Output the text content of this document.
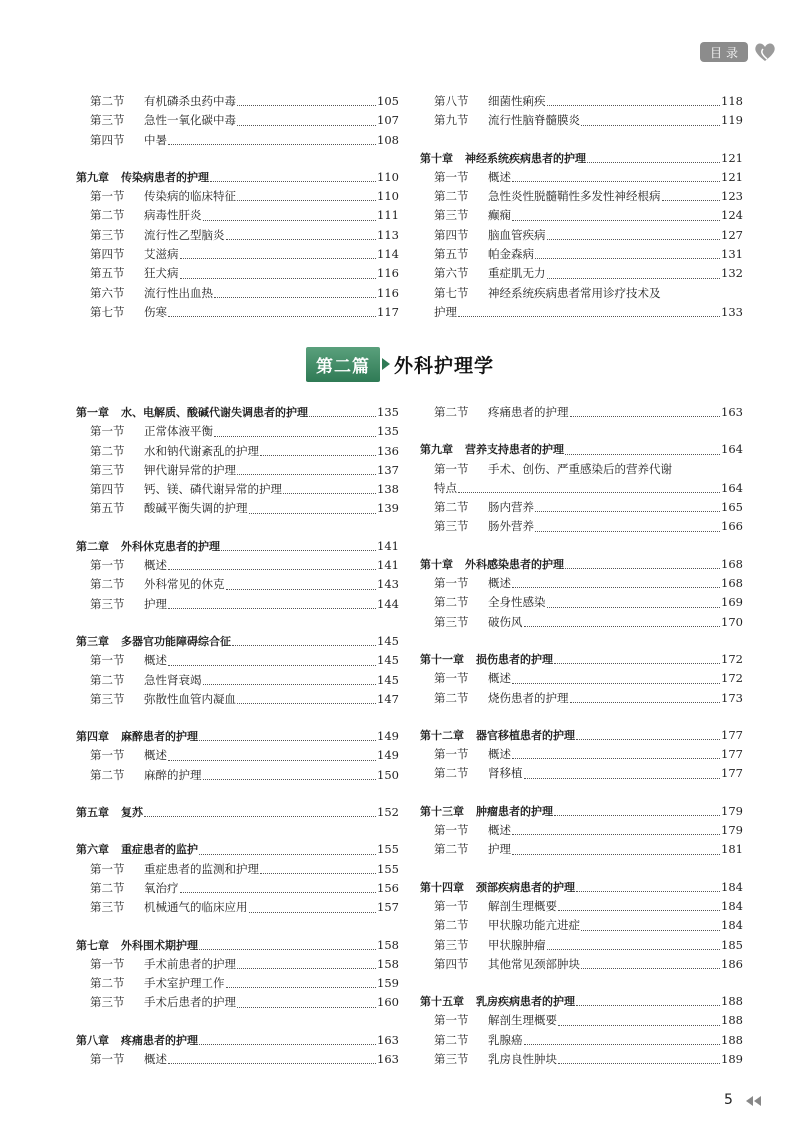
目录
第二节	有机磷杀虫药中毒	105
第三节	急性一氧化碳中毒	107
第四节	中暑	108
第九章 传染病患者的护理	110
第一节	传染病的临床特征	110
第二节	病毒性肝炎	111
第三节	流行性乙型脑炎	113
第四节	艾滋病	114
第五节	狂犬病	116
第六节	流行性出血热	116
第七节	伤寒	117
第八节	细菌性痢疾	118
第九节	流行性脑脊髓膜炎	119
第十章 神经系统疾病患者的护理	121
第一节	概述	121
第二节	急性炎性脱髓鞘性多发性神经根病	123
第三节	癫痫	124
第四节	脑血管疾病	127
第五节	帕金森病	131
第六节	重症肌无力	132
第七节	神经系统疾病患者常用诊疗技术及
护理	133
第二篇	外科护理学
第一章 水、电解质、酸碱代谢失调患者的护理	135
第一节	正常体液平衡	135
第二节	水和钠代谢紊乱的护理	136
第三节	钾代谢异常的护理	137
第四节	钙、镁、磷代谢异常的护理	138
第五节	酸碱平衡失调的护理	139
第二章 外科休克患者的护理	141
第一节	概述	141
第二节	外科常见的休克	143
第三节	护理	144
第三章 多器官功能障碍综合征	145
第一节	概述	145
第二节	急性肾衰竭	145
第三节	弥散性血管内凝血	147
第四章 麻醉患者的护理	149
第一节	概述	149
第二节	麻醉的护理	150
第五章 复苏	152
第六章 重症患者的监护	155
第一节	重症患者的监测和护理	155
第二节	氧治疗	156
第三节	机械通气的临床应用	157
第七章 外科围术期护理	158
第一节	手术前患者的护理	158
第二节	手术室护理工作	159
第三节	手术后患者的护理	160
第八章 疼痛患者的护理	163
第一节	概述	163
第二节	疼痛患者的护理	163
第九章 营养支持患者的护理	164
第一节	手术、创伤、严重感染后的营养代谢
特点	164
第二节	肠内营养	165
第三节	肠外营养	166
第十章 外科感染患者的护理	168
第一节	概述	168
第二节	全身性感染	169
第三节	破伤风	170
第十一章 损伤患者的护理	172
第一节	概述	172
第二节	烧伤患者的护理	173
第十二章 器官移植患者的护理	177
第一节	概述	177
第二节	肾移植	177
第十三章 肿瘤患者的护理	179
第一节	概述	179
第二节	护理	181
第十四章 颈部疾病患者的护理	184
第一节	解剖生理概要	184
第二节	甲状腺功能亢进症	184
第三节	甲状腺肿瘤	185
第四节	其他常见颈部肿块	186
第十五章 乳房疾病患者的护理	188
第一节	解剖生理概要	188
第二节	乳腺癌	188
第三节	乳房良性肿块	189
5
